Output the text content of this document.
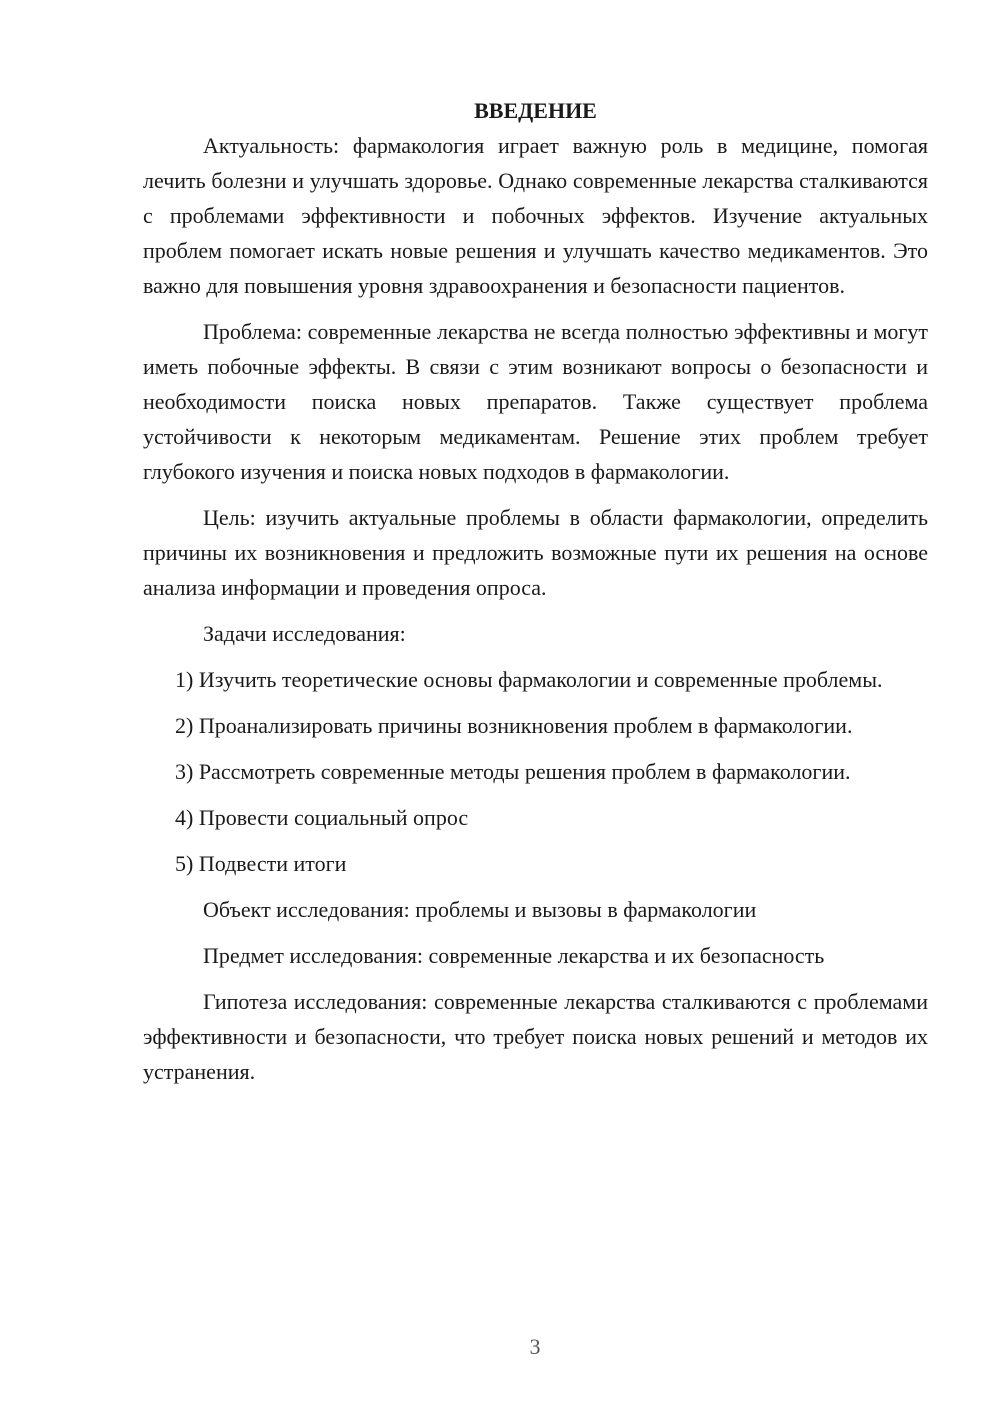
ВВЕДЕНИЕ

Актуальность: фармакология играет важную роль в медицине, помогая лечить болезни и улучшать здоровье. Однако современные лекарства сталкиваются с проблемами эффективности и побочных эффектов. Изучение актуальных проблем помогает искать новые решения и улучшать качество медикаментов. Это важно для повышения уровня здравоохранения и безопасности пациентов.

Проблема: современные лекарства не всегда полностью эффективны и могут иметь побочные эффекты. В связи с этим возникают вопросы о безопасности и необходимости поиска новых препаратов. Также существует проблема устойчивости к некоторым медикаментам. Решение этих проблем требует глубокого изучения и поиска новых подходов в фармакологии.

Цель: изучить актуальные проблемы в области фармакологии, определить причины их возникновения и предложить возможные пути их решения на основе анализа информации и проведения опроса.

Задачи исследования:

1) Изучить теоретические основы фармакологии и современные проблемы.

2) Проанализировать причины возникновения проблем в фармакологии.

3) Рассмотреть современные методы решения проблем в фармакологии.

4) Провести социальный опрос

5) Подвести итоги

Объект исследования: проблемы и вызовы в фармакологии

Предмет исследования: современные лекарства и их безопасность

Гипотеза исследования: современные лекарства сталкиваются с проблемами эффективности и безопасности, что требует поиска новых решений и методов их устранения.

3
